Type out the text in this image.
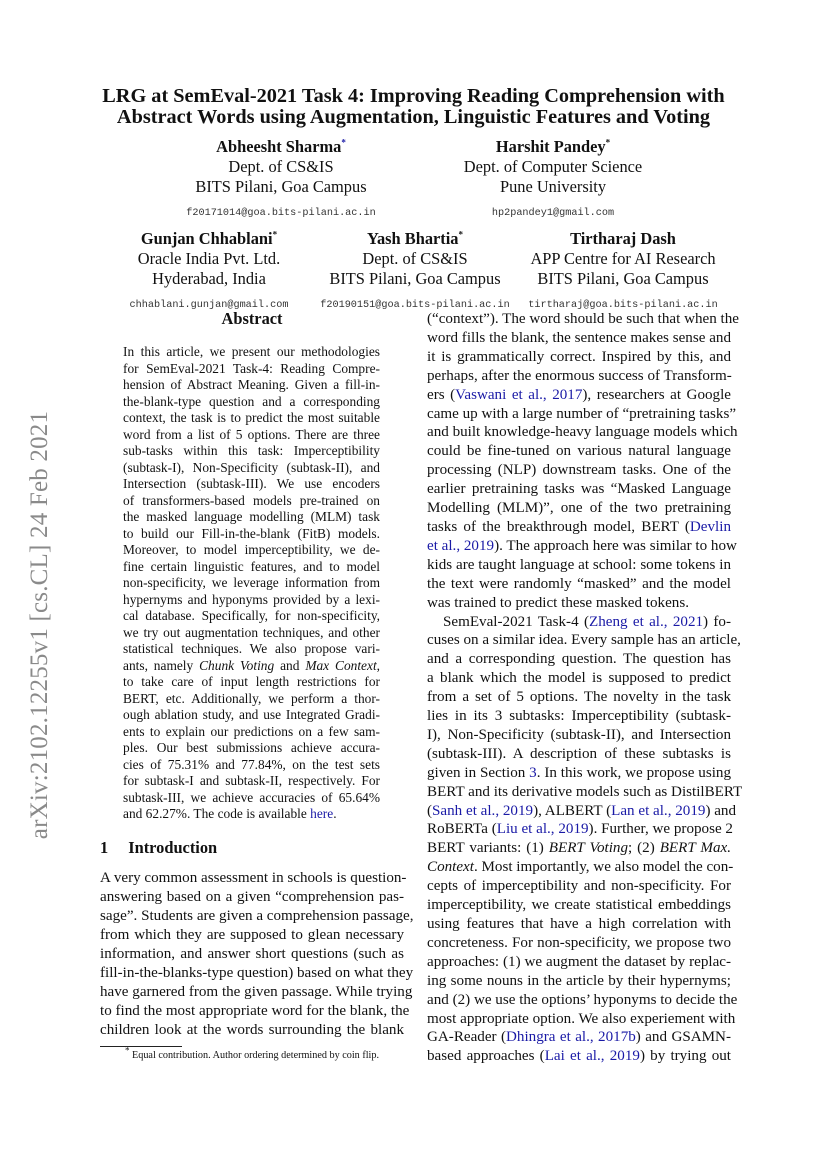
arXiv:2102.12255v1 [cs.CL] 24 Feb 2021
LRG at SemEval-2021 Task 4: Improving Reading Comprehension with
Abstract Words using Augmentation, Linguistic Features and Voting
Abheesht Sharma*
Dept. of CS&IS
BITS Pilani, Goa Campus
f20171014@goa.bits-pilani.ac.in
Harshit Pandey*
Dept. of Computer Science
Pune University
hp2pandey1@gmail.com
Gunjan Chhablani*
Oracle India Pvt. Ltd.
Hyderabad, India
chhablani.gunjan@gmail.com
Yash Bhartia*
Dept. of CS&IS
BITS Pilani, Goa Campus
f20190151@goa.bits-pilani.ac.in
Tirtharaj Dash
APP Centre for AI Research
BITS Pilani, Goa Campus
tirtharaj@goa.bits-pilani.ac.in
Abstract
In this article, we present our methodologies
for SemEval-2021 Task-4: Reading Compre-
hension of Abstract Meaning. Given a fill-in-
the-blank-type question and a corresponding
context, the task is to predict the most suitable
word from a list of 5 options. There are three
sub-tasks within this task: Imperceptibility
(subtask-I), Non-Specificity (subtask-II), and
Intersection (subtask-III). We use encoders
of transformers-based models pre-trained on
the masked language modelling (MLM) task
to build our Fill-in-the-blank (FitB) models.
Moreover, to model imperceptibility, we de-
fine certain linguistic features, and to model
non-specificity, we leverage information from
hypernyms and hyponyms provided by a lexi-
cal database. Specifically, for non-specificity,
we try out augmentation techniques, and other
statistical techniques. We also propose vari-
ants, namely Chunk Voting and Max Context,
to take care of input length restrictions for
BERT, etc. Additionally, we perform a thor-
ough ablation study, and use Integrated Gradi-
ents to explain our predictions on a few sam-
ples. Our best submissions achieve accura-
cies of 75.31% and 77.84%, on the test sets
for subtask-I and subtask-II, respectively. For
subtask-III, we achieve accuracies of 65.64%
and 62.27%. The code is available here.
1 Introduction
A very common assessment in schools is question-
answering based on a given “comprehension pas-
sage”. Students are given a comprehension passage,
from which they are supposed to glean necessary
information, and answer short questions (such as
fill-in-the-blanks-type question) based on what they
have garnered from the given passage. While trying
to find the most appropriate word for the blank, the
children look at the words surrounding the blank
* Equal contribution. Author ordering determined by coin flip.
(“context”). The word should be such that when the
word fills the blank, the sentence makes sense and
it is grammatically correct. Inspired by this, and
perhaps, after the enormous success of Transform-
ers (Vaswani et al., 2017), researchers at Google
came up with a large number of “pretraining tasks”
and built knowledge-heavy language models which
could be fine-tuned on various natural language
processing (NLP) downstream tasks. One of the
earlier pretraining tasks was “Masked Language
Modelling (MLM)”, one of the two pretraining
tasks of the breakthrough model, BERT (Devlin
et al., 2019). The approach here was similar to how
kids are taught language at school: some tokens in
the text were randomly “masked” and the model
was trained to predict these masked tokens.
SemEval-2021 Task-4 (Zheng et al., 2021) fo-
cuses on a similar idea. Every sample has an article,
and a corresponding question. The question has
a blank which the model is supposed to predict
from a set of 5 options. The novelty in the task
lies in its 3 subtasks: Imperceptibility (subtask-
I), Non-Specificity (subtask-II), and Intersection
(subtask-III). A description of these subtasks is
given in Section 3. In this work, we propose using
BERT and its derivative models such as DistilBERT
(Sanh et al., 2019), ALBERT (Lan et al., 2019) and
RoBERTa (Liu et al., 2019). Further, we propose 2
BERT variants: (1) BERT Voting; (2) BERT Max.
Context. Most importantly, we also model the con-
cepts of imperceptibility and non-specificity. For
imperceptibility, we create statistical embeddings
using features that have a high correlation with
concreteness. For non-specificity, we propose two
approaches: (1) we augment the dataset by replac-
ing some nouns in the article by their hypernyms;
and (2) we use the options’ hyponyms to decide the
most appropriate option. We also experiement with
GA-Reader (Dhingra et al., 2017b) and GSAMN-
based approaches (Lai et al., 2019) by trying out
